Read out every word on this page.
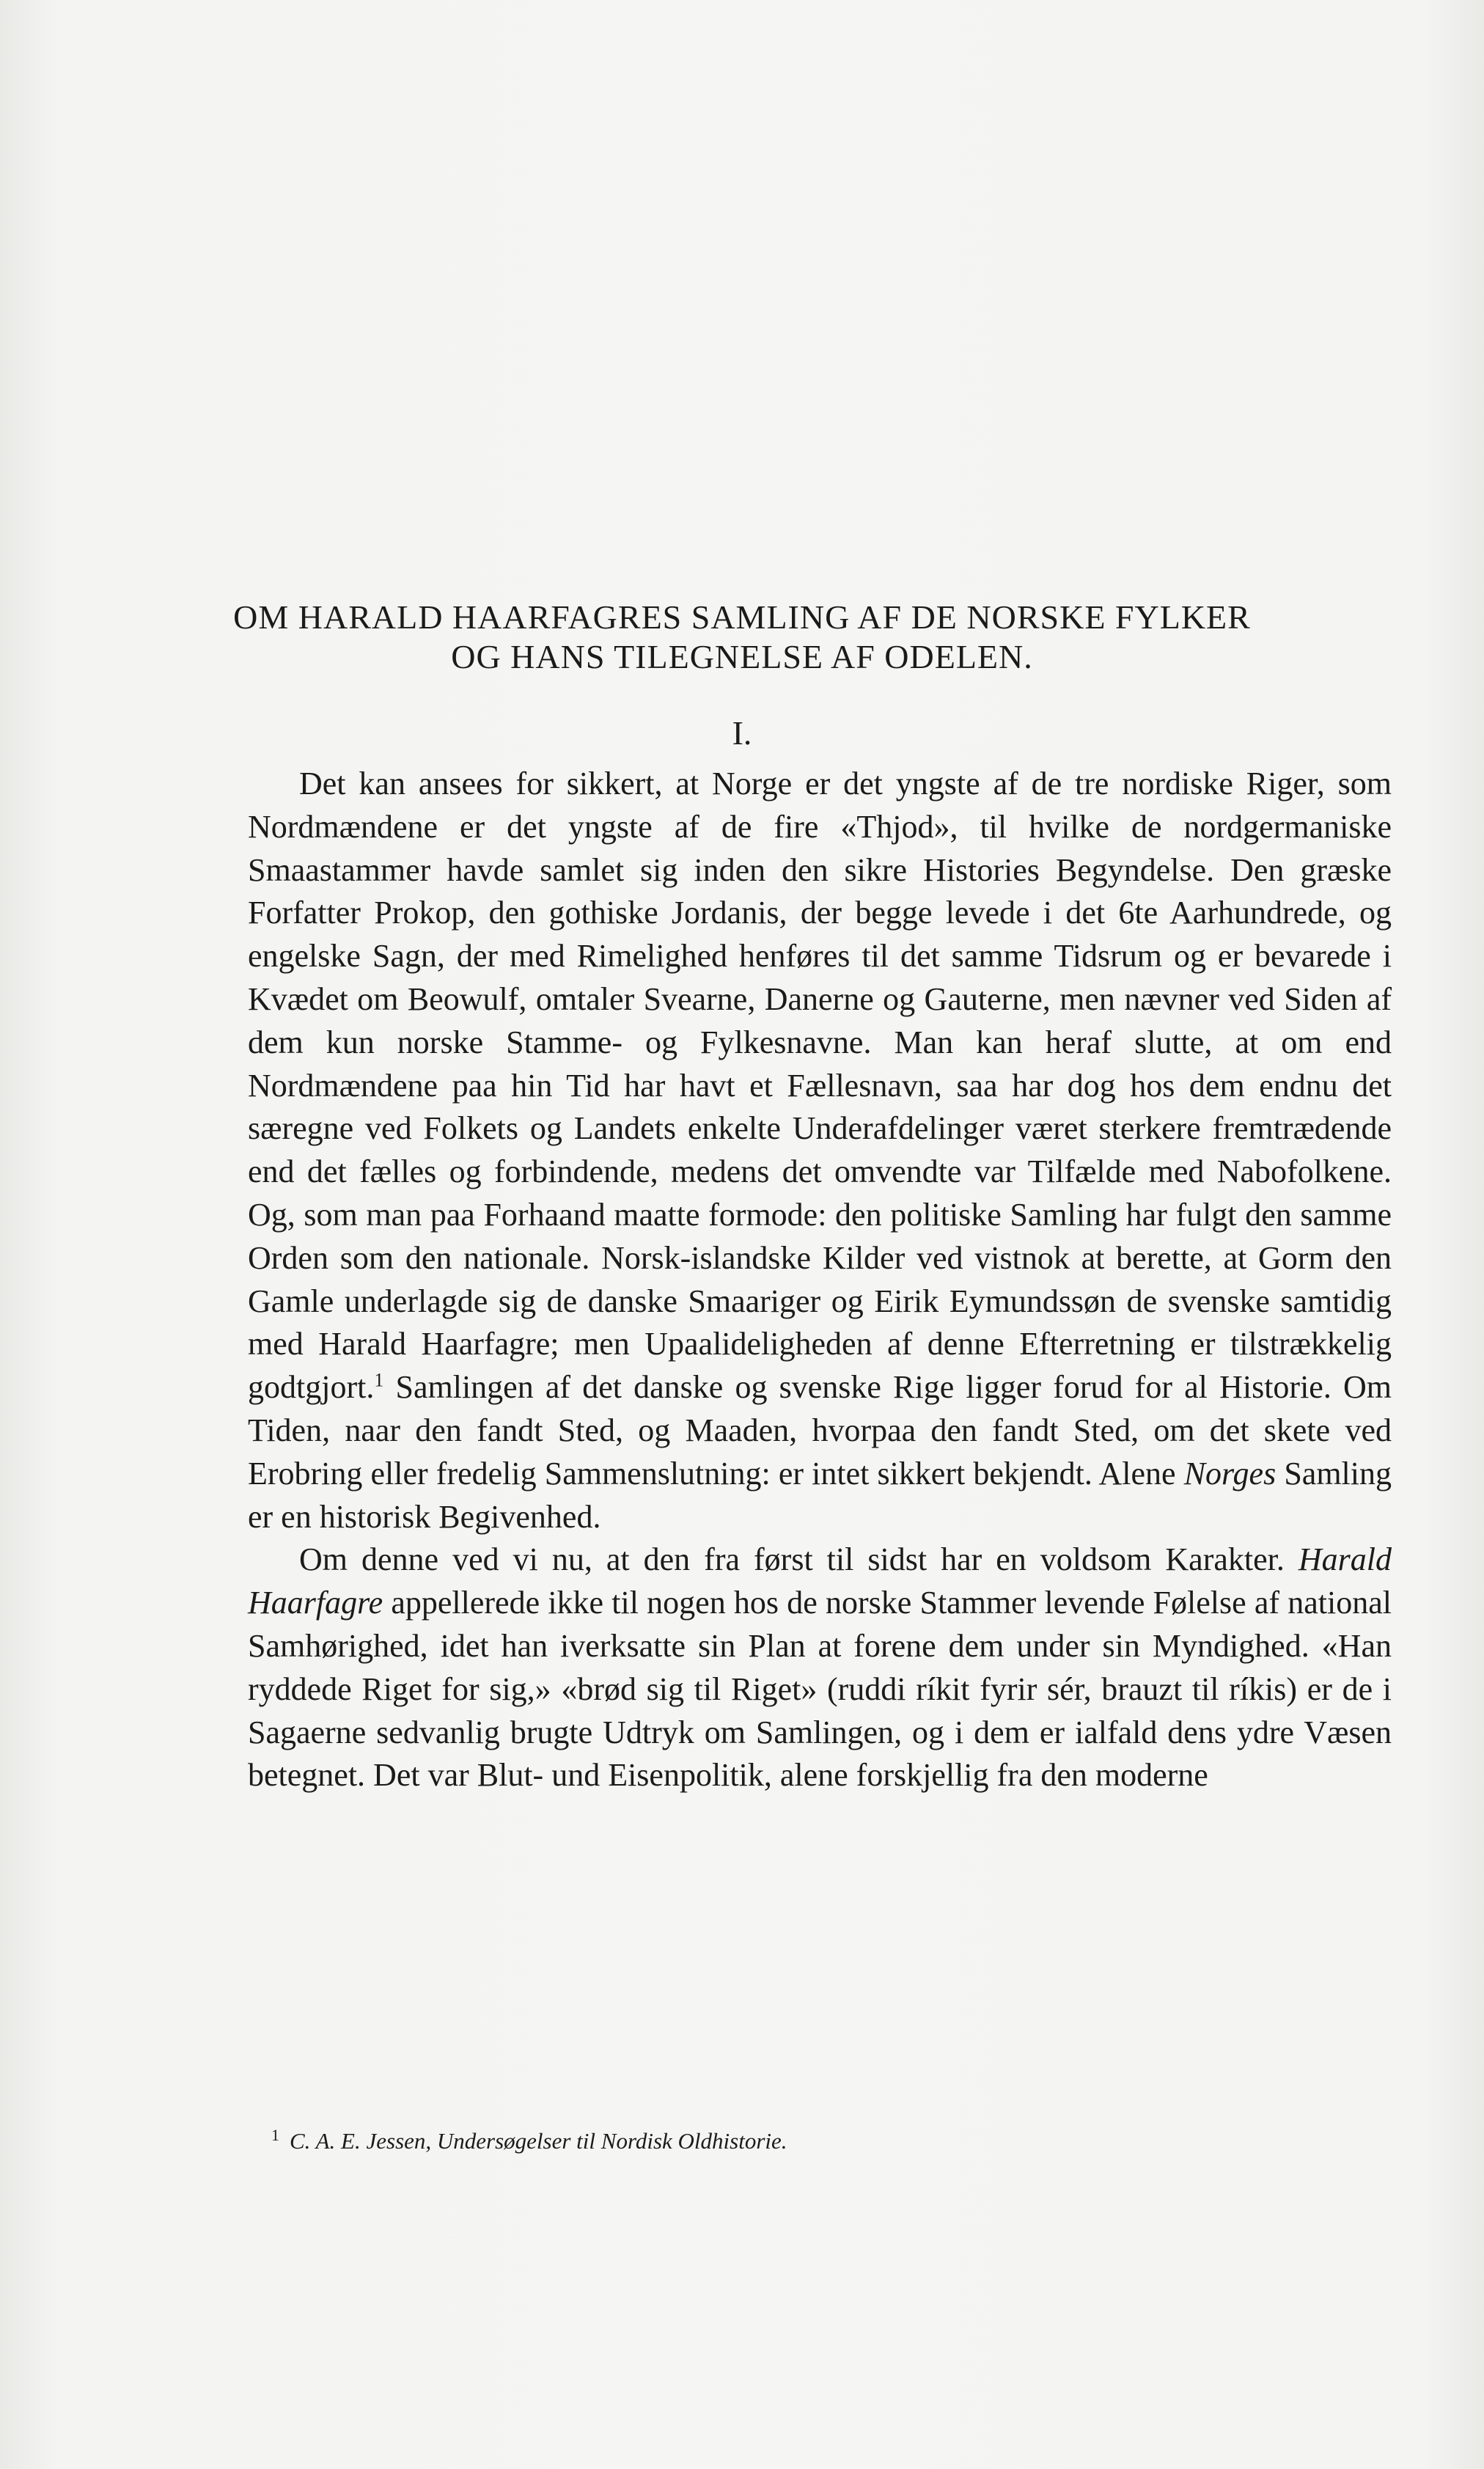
OM HARALD HAARFAGRES SAMLING AF DE NORSKE FYLKER
OG HANS TILEGNELSE AF ODELEN.
I.

Det kan ansees for sikkert, at Norge er det yngste af de tre nordiske Riger, som Nordmændene er det yngste af de fire «Thjod», til hvilke de nordgermaniske Smaastammer havde samlet sig inden den sikre Histories Begyndelse. Den græske Forfatter Prokop, den gothiske Jordanis, der begge levede i det 6te Aarhundrede, og engelske Sagn, der med Rimelighed henføres til det samme Tidsrum og er bevarede i Kvædet om Beowulf, omtaler Svearne, Danerne og Gauterne, men nævner ved Siden af dem kun norske Stamme- og Fylkesnavne. Man kan heraf slutte, at om end Nordmændene paa hin Tid har havt et Fællesnavn, saa har dog hos dem endnu det særegne ved Folkets og Landets enkelte Underafdelinger været sterkere fremtrædende end det fælles og forbindende, medens det omvendte var Tilfælde med Nabofolkene. Og, som man paa Forhaand maatte formode: den politiske Samling har fulgt den samme Orden som den nationale. Norsk-islandske Kilder ved vistnok at berette, at Gorm den Gamle underlagde sig de danske Smaariger og Eirik Eymundssøn de svenske samtidig med Harald Haarfagre; men Upaalideligheden af denne Efterretning er tilstrækkelig godtgjort.$^1$ Samlingen af det danske og svenske Rige ligger forud for al Historie. Om Tiden, naar den fandt Sted, og Maaden, hvorpaa den fandt Sted, om det skete ved Erobring eller fredelig Sammenslutning: er intet sikkert bekjendt. Alene Norges Samling er en historisk Begivenhed.

Om denne ved vi nu, at den fra først til sidst har en voldsom Karakter. Harald Haarfagre appellerede ikke til nogen hos de norske Stammer levende Følelse af national Samhørighed, idet han iverksatte sin Plan at forene dem under sin Myndighed. «Han ryddede Riget for sig,» «brød sig til Riget» (ruddi ríkit fyrir sér, brauzt til ríkis) er de i Sagaerne sedvanlig brugte Udtryk om Samlingen, og i dem er ialfald dens ydre Væsen betegnet. Det var Blut- und Eisenpolitik, alene forskjellig fra den moderne

$^1$ C. A. E. Jessen, Undersøgelser til Nordisk Oldhistorie.
